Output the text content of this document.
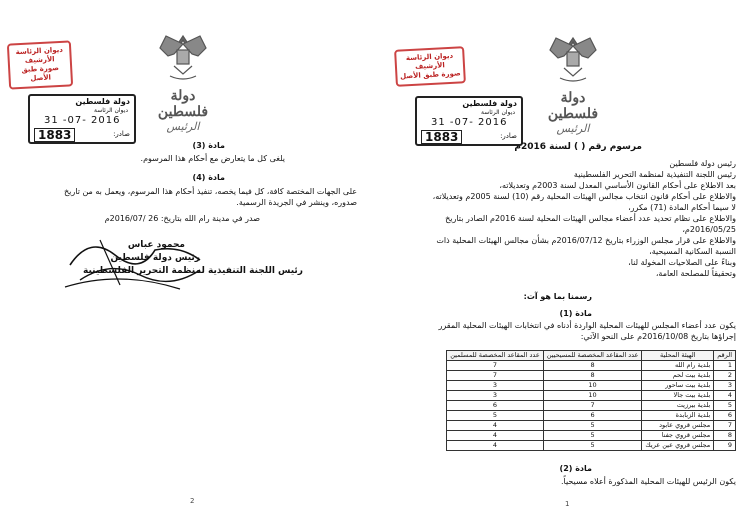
ديوان الرئاسة
الأرشيف
صورة طبق الأصل
دولة فلسطين
ديوان الرئاسة
31 -07- 2016
1883	صادر:
دولة فلسطين
الرئيس
مادة (3)
يلغى كل ما يتعارض مع أحكام هذا المرسوم.
مادة (4)
على الجهات المختصة كافة، كل فيما يخصه، تنفيذ أحكام هذا المرسوم، ويعمل به من تاريخ
صدوره، وينشر في الجريدة الرسمية.
صدر في مدينة رام الله بتاريخ: 26 /2016/07م
محمود عباس
رئيس دولة فلسطين
رئيس اللجنة التنفيذية لمنظمة التحرير الفلسطينية
2
ديوان الرئاسة
الأرشيف
صورة طبق الأصل
دولة فلسطين
ديوان الرئاسة
31 -07- 2016
1883	صادر:
دولة فلسطين
الرئيس
مرسوم رقم ( ) لسنة 2016م
رئيس دولة فلسطين
رئيس اللجنة التنفيذية لمنظمة التحرير الفلسطينية
بعد الاطلاع على أحكام القانون الأساسي المعدل لسنة 2003م وتعديلاته،
والاطلاع على أحكام قانون انتخاب مجالس الهيئات المحلية رقم (10) لسنة 2005م وتعديلاته،
لا سيما أحكام المادة (71) مكرر،
والاطلاع على نظام تحديد عدد أعضاء مجالس الهيئات المحلية لسنة 2016م الصادر بتاريخ
2016/05/25م،
والاطلاع على قرار مجلس الوزراء بتاريخ 2016/07/12م بشأن مجالس الهيئات المحلية ذات
النسبة السكانية المسيحية،
وبناءً على الصلاحيات المخولة لنا،
وتحقيقاً للمصلحة العامة،
رسمنا بما هو آت:
مادة (1)
يكون عدد أعضاء المجلس للهيئات المحلية الواردة أدناه في انتخابات الهيئات المحلية المقرر
إجراؤها بتاريخ 2016/10/08م على النحو الآتي:
الرقم	الهيئة المحلية	عدد المقاعد المخصصة للمسيحيين	عدد المقاعد المخصصة للمسلمين
1	بلدية رام الله	8	7
2	بلدية بيت لحم	8	7
3	بلدية بيت ساحور	10	3
4	بلدية بيت جالا	10	3
5	بلدية بيرزيت	7	6
6	بلدية الزبابدة	6	5
7	مجلس قروي عابود	5	4
8	مجلس قروي جفنا	5	4
9	مجلس قروي عين عريك	5	4
مادة (2)
يكون الرئيس للهيئات المحلية المذكورة أعلاه مسيحياً.
1
